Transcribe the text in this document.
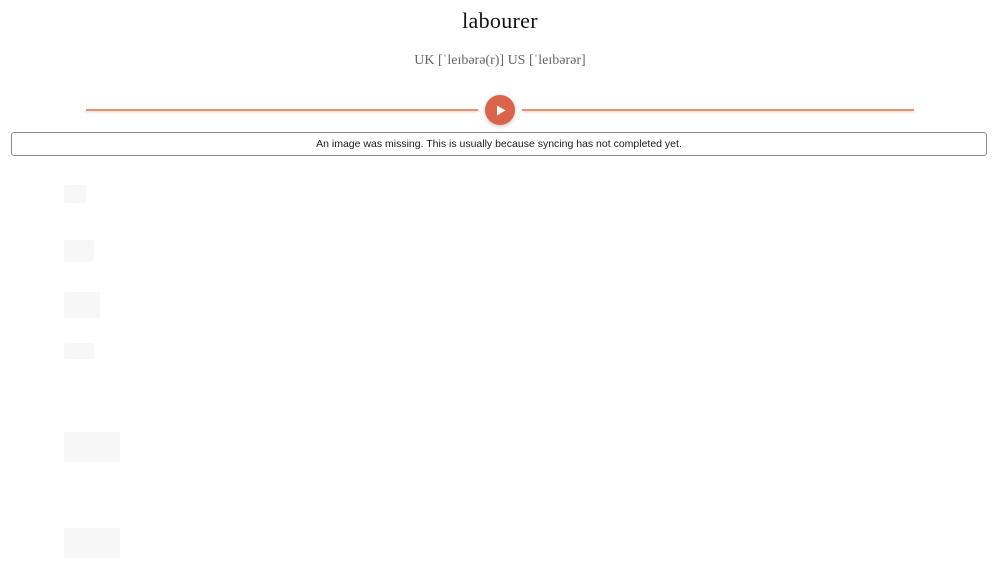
labourer
UK [ˈleɪbərə(r)] US [ˈleɪbərər]
An image was missing. This is usually because syncing has not completed yet.
